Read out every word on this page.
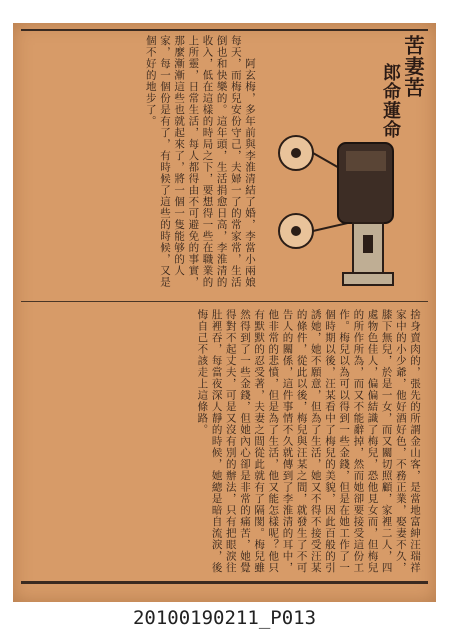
苦妻苦
郎命蓮命
　　阿玄梅，多年前與李淮清結了婚，李當小兩娘每天，而梅兒安份守己，夫婦一了的常家常，生活倒也和快樂的。這年頭，生活捐愈日高，李淮清的收入，低在這樣的時局之下，要想得一些在職業的上所靈，日常生活，每人都得由不可避免的事實，那麼漸漸這些也就起來了，將一個一隻能够的人家，每一個份是有了，有時候了這些的時候，又是個不好的地步了。
捨身賣肉的，張先的所謂金山客，是當地富紳汪瑞祥家中的小少爺，他好酒好色，不務正業，娶妻不久，膝下無兒，於是一女，而又關切照顧，家裡二人，四處物色佳人，偏偏結識了梅兒，恐他見女而，但梅兒的所作所為，而又不能辭掉，然而她卻要接受這份工作。梅兒以為可以得到一些金錢，但是在她工作了一個時期以後，汪某看中了梅兒的美貌，因此百般的引誘她，她不願意，但為了生活，她又不得不接受汪某的條件，從此以後，梅兒與汪某之間，就發生了不可告人的關係，這件事情不久就傳到了李淮清的耳中，他非常的悲憤，但是為了生活，他又能怎樣呢？他只有默默的忍受著，夫妻之間從此就有了隔閡。梅兒雖然得到了一些金錢，但她內心卻是非常的痛苦，她覺得對不起丈夫，可是又沒有別的辦法，只有把眼淚往肚裡吞，每當夜深人靜的時候，她總是暗自流淚，後悔自己不該走上這條路。
20100190211_P013
